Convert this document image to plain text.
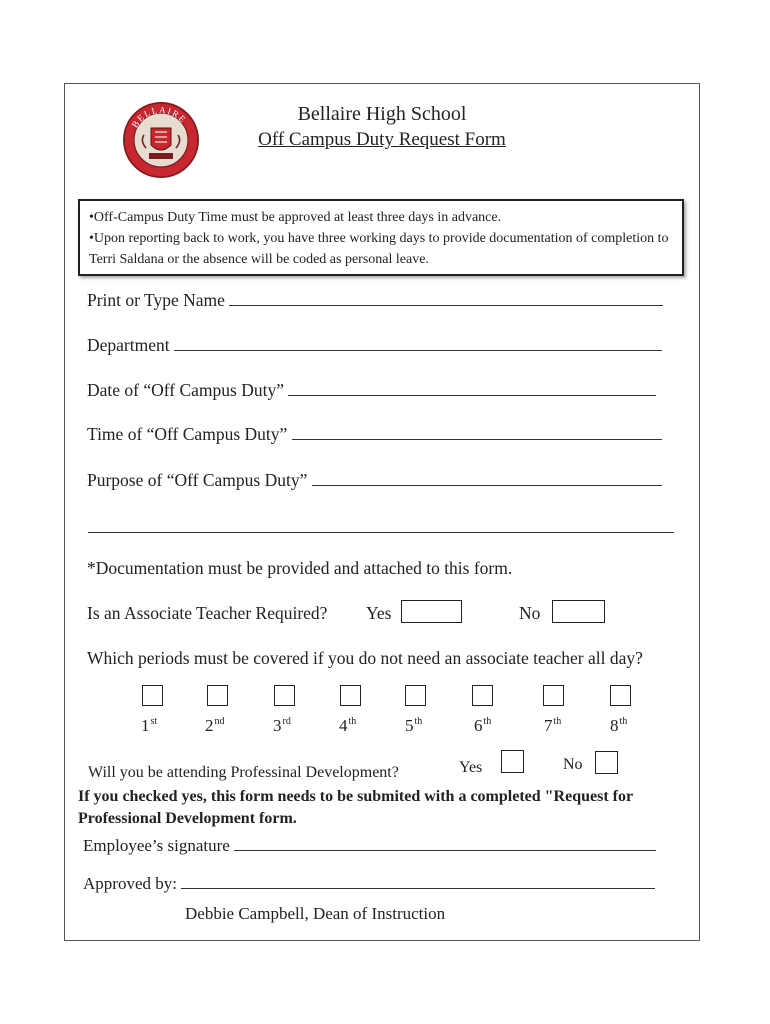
BELLAIRE	Bellaire High School
Off Campus Duty Request Form

•Off-Campus Duty Time must be approved at least three days in advance.

•Upon reporting back to work, you have three working days to provide documentation of completion to Terri Saldana or the absence will be coded as personal leave.

Print or Type Name
Department
Date of “Off Campus Duty”
Time of “Off Campus Duty”
Purpose of “Off Campus Duty”
*Documentation must be provided and attached to this form.
Is an Associate Teacher Required? Yes	No
Which periods must be covered if you do not need an associate teacher all day?
1st	2nd	3rd	4th	5th	6th	7th	8th
Will you be attending Professinal Development?	Yes	No
If you checked yes, this form needs to be submited with a completed "Request for Professional Development form.
Employee’s signature
Approved by:
Debbie Campbell, Dean of Instruction
